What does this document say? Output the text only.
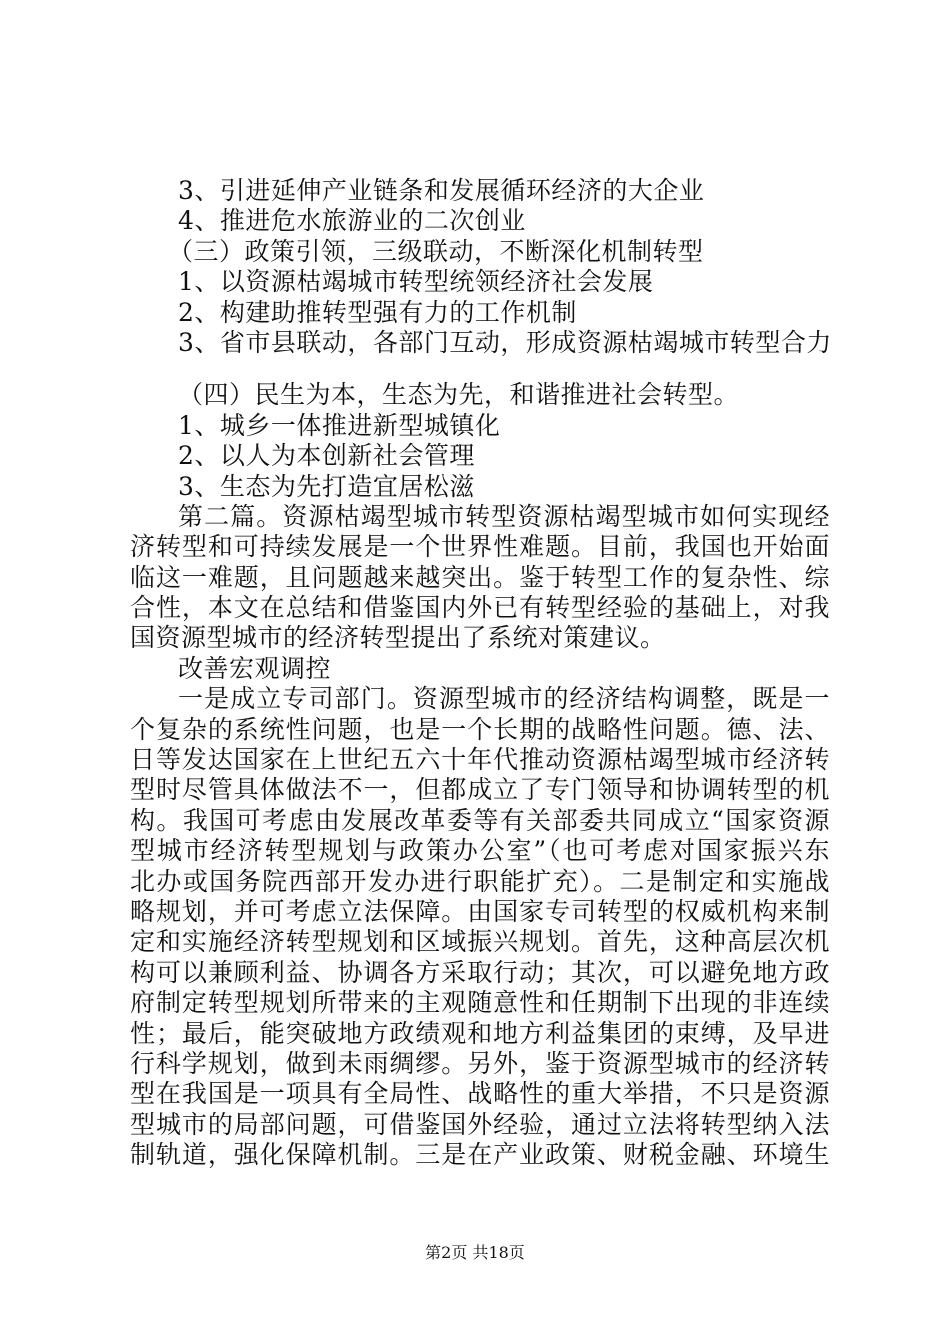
3、引进延伸产业链条和发展循环经济的大企业
4、推进危水旅游业的二次创业
（三）政策引领，三级联动，不断深化机制转型
1、以资源枯竭城市转型统领经济社会发展
2、构建助推转型强有力的工作机制
3、省市县联动，各部门互动，形成资源枯竭城市转型合力
（四）民生为本，生态为先，和谐推进社会转型。
1、城乡一体推进新型城镇化
2、以人为本创新社会管理
3、生态为先打造宜居松滋
第二篇。资源枯竭型城市转型资源枯竭型城市如何实现经
济转型和可持续发展是一个世界性难题。目前，我国也开始面
临这一难题，且问题越来越突出。鉴于转型工作的复杂性、综
合性，本文在总结和借鉴国内外已有转型经验的基础上，对我
国资源型城市的经济转型提出了系统对策建议。
改善宏观调控
一是成立专司部门。资源型城市的经济结构调整，既是一
个复杂的系统性问题，也是一个长期的战略性问题。德、法、
日等发达国家在上世纪五六十年代推动资源枯竭型城市经济转
型时尽管具体做法不一，但都成立了专门领导和协调转型的机
构。我国可考虑由发展改革委等有关部委共同成立“国家资源
型城市经济转型规划与政策办公室”（也可考虑对国家振兴东
北办或国务院西部开发办进行职能扩充）。二是制定和实施战
略规划，并可考虑立法保障。由国家专司转型的权威机构来制
定和实施经济转型规划和区域振兴规划。首先，这种高层次机
构可以兼顾利益、协调各方采取行动；其次，可以避免地方政
府制定转型规划所带来的主观随意性和任期制下出现的非连续
性；最后，能突破地方政绩观和地方利益集团的束缚，及早进
行科学规划，做到未雨绸缪。另外，鉴于资源型城市的经济转
型在我国是一项具有全局性、战略性的重大举措，不只是资源
型城市的局部问题，可借鉴国外经验，通过立法将转型纳入法
制轨道，强化保障机制。三是在产业政策、财税金融、环境生
第2页 共18页
